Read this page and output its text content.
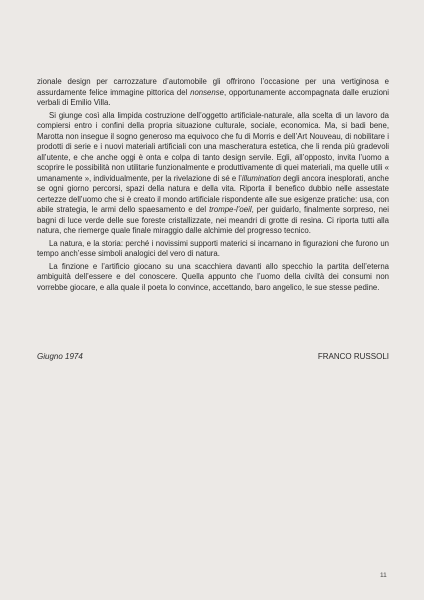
zionale design per carrozzature d’automobile gli offrirono l’occasione per una vertiginosa e assurdamente felice immagine pittorica del nonsense, opportunamente accompagnata dalle eruzioni verbali di Emilio Villa.

Si giunge così alla limpida costruzione dell’oggetto artificiale-naturale, alla scelta di un lavoro da compiersi entro i confini della propria situazione culturale, sociale, economica. Ma, si badi bene, Marotta non insegue il sogno generoso ma equivoco che fu di Morris e dell’Art Nouveau, di nobilitare i prodotti di serie e i nuovi materiali artificiali con una mascheratura estetica, che li renda più gradevoli all’utente, e che anche oggi è onta e colpa di tanto design servile. Egli, all’opposto, invita l’uomo a scoprire le possibilità non utilitarie funzionalmente e produttivamente di quei materiali, ma quelle utili « umanamente », individualmente, per la rivelazione di sé e l’illumination degli ancora inesplorati, anche se ogni giorno percorsi, spazi della natura e della vita. Riporta il benefico dubbio nelle assestate certezze dell’uomo che si è creato il mondo artificiale rispondente alle sue esigenze pratiche: usa, con abile strategia, le armi dello spaesamento e del trompe-l’oeil, per guidarlo, finalmente sorpreso, nei bagni di luce verde delle sue foreste cristallizzate, nei meandri di grotte di resina. Ci riporta tutti alla natura, che riemerge quale finale miraggio dalle alchimie del progresso tecnico.

La natura, e la storia: perché i novissimi supporti materici si incarnano in figurazioni che furono un tempo anch’esse simboli analogici del vero di natura.

La finzione e l’artificio giocano su una scacchiera davanti allo specchio la partita dell’eterna ambiguità dell’essere e del conoscere. Quella appunto che l’uomo della civiltà dei consumi non vorrebbe giocare, e alla quale il poeta lo convince, accettando, baro angelico, le sue stesse pedine.

Giugno 1974	FRANCO RUSSOLI
11
